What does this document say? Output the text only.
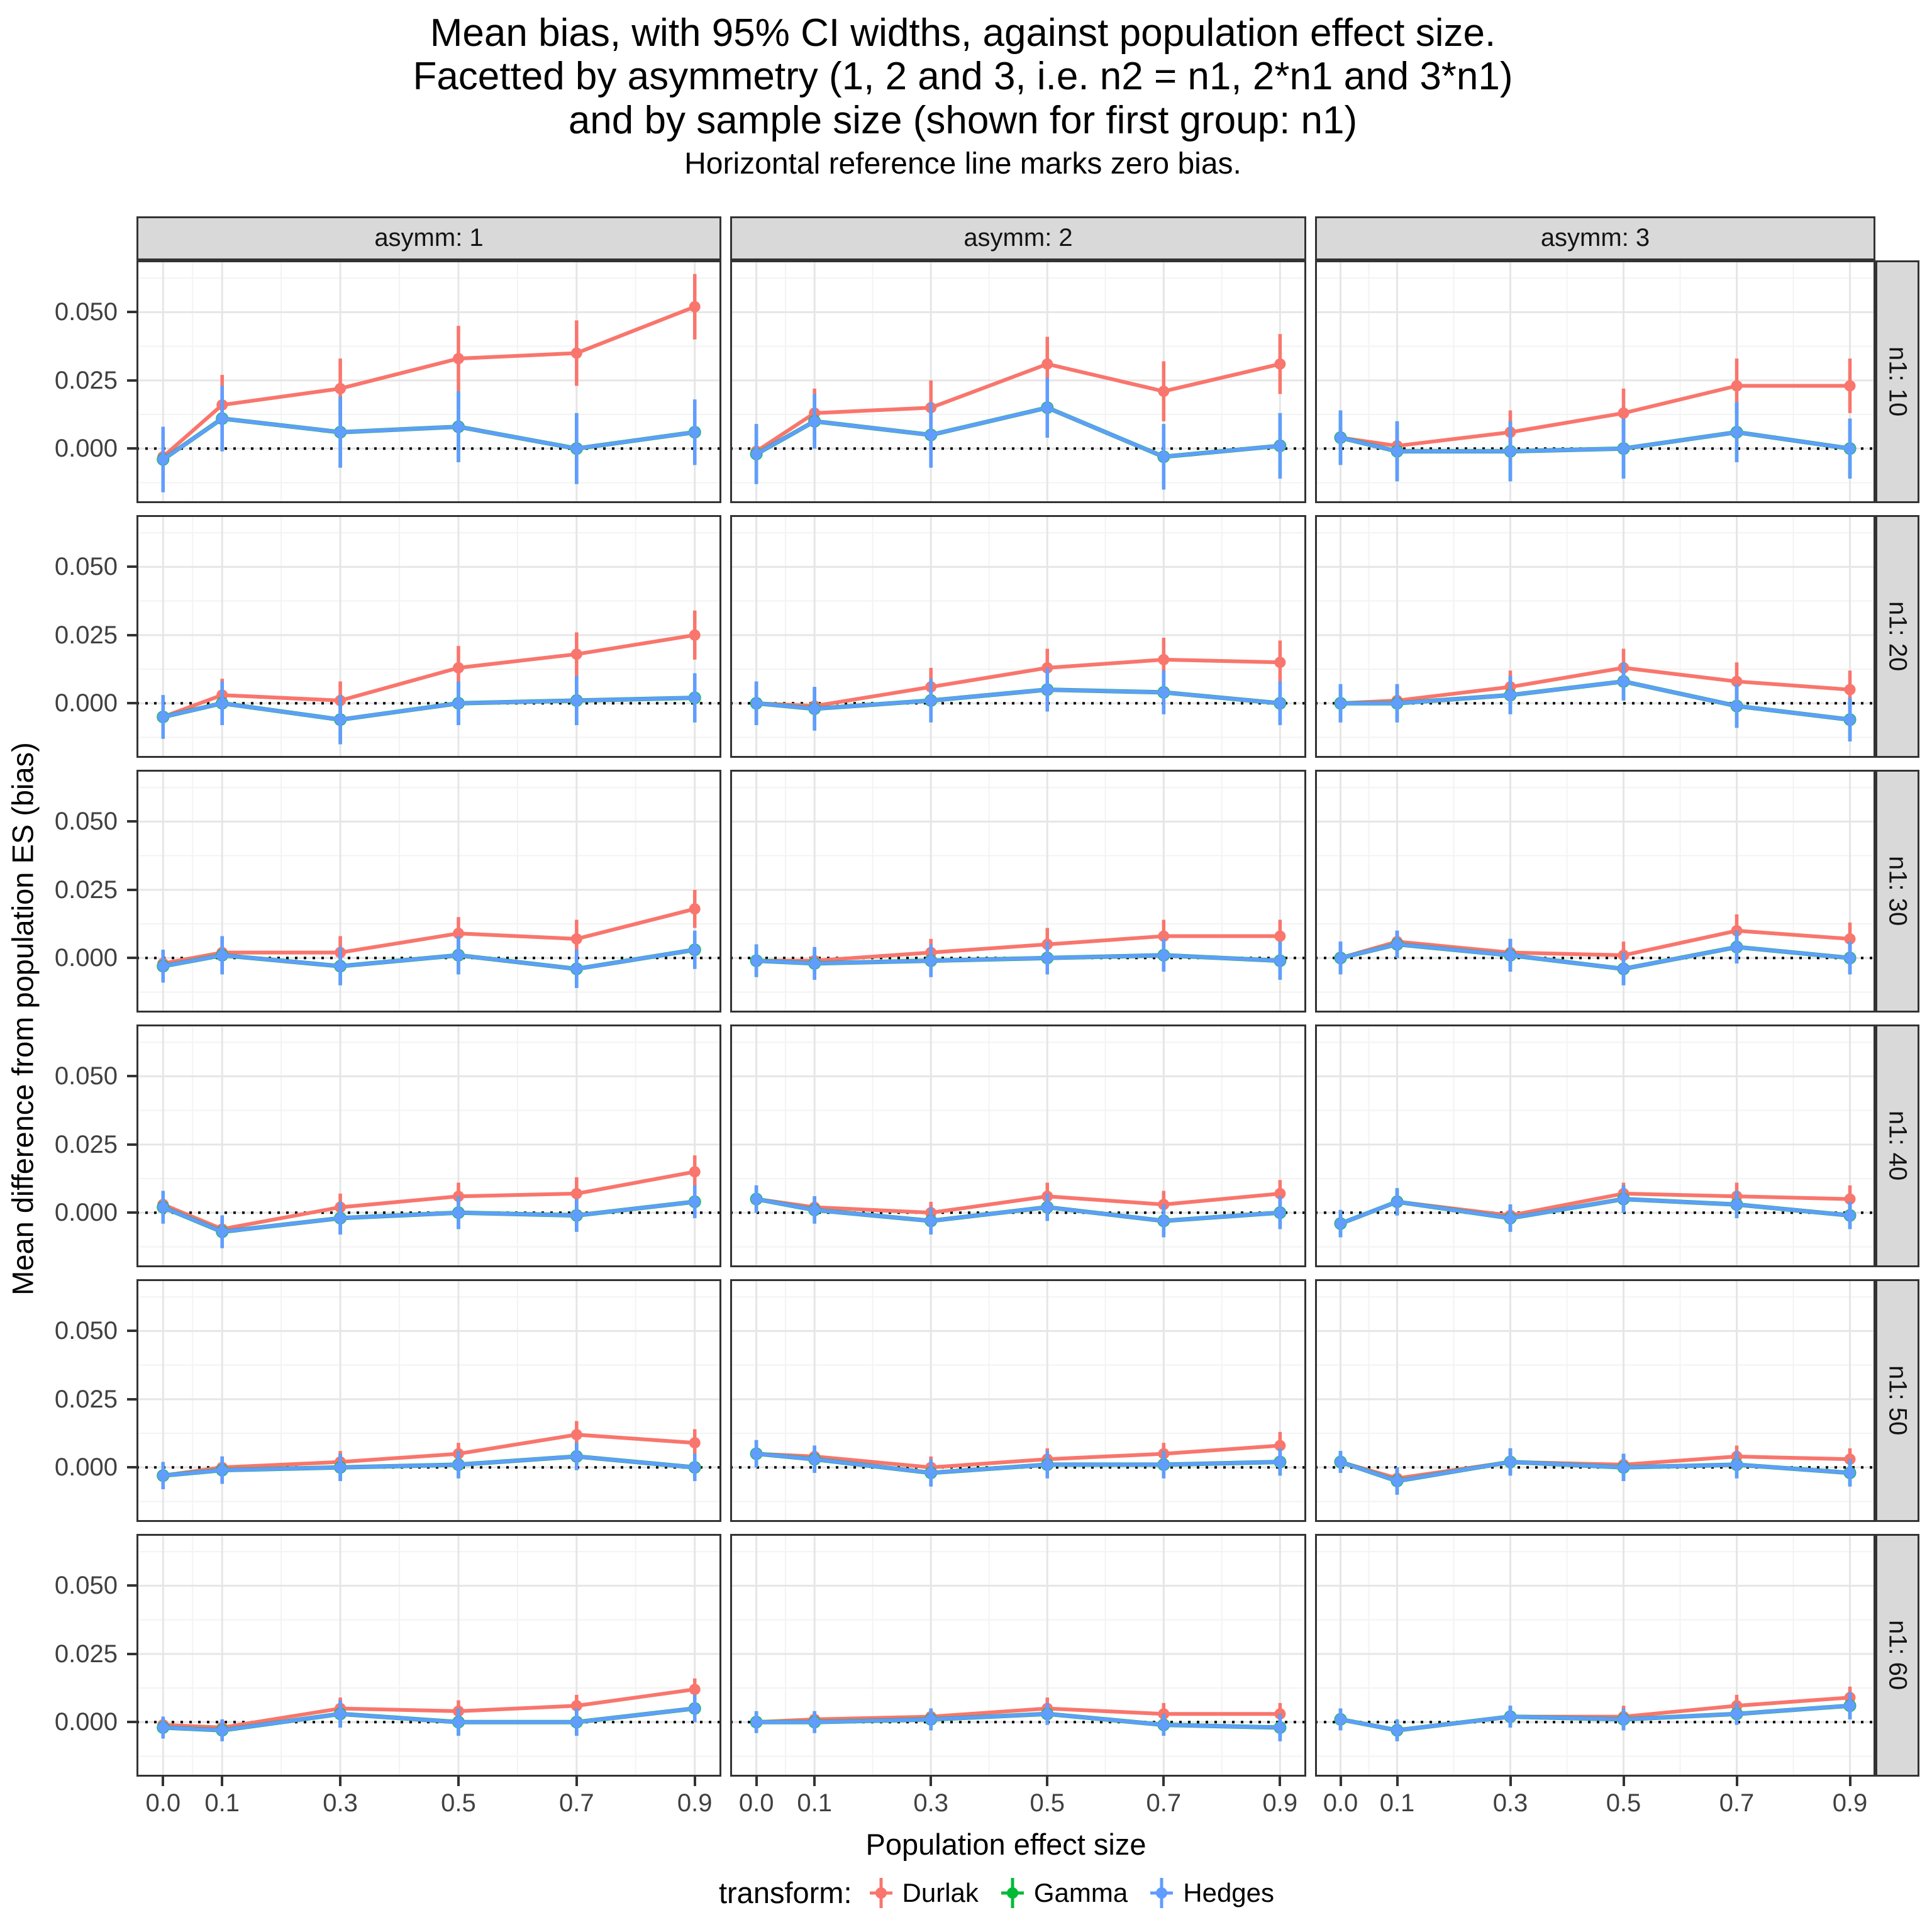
Mean bias, with 95% CI widths, against population effect size.
Facetted by asymmetry (1, 2 and 3, i.e. n2 = n1, 2*n1 and 3*n1)
and by sample size (shown for first group: n1)
Horizontal reference line marks zero bias.
Mean difference from population ES (bias)
asymm: 1	asymm: 2	asymm: 3
0.050
0.025
0.000
n1: 10
0.050
0.025
0.000
n1: 20
0.050
0.025
0.000
n1: 30
0.050
0.025
0.000
n1: 40
0.050
0.025
0.000
n1: 50
0.050
0.025
0.000
n1: 60
0.0 0.1	0.3	0.5	0.7	0.9	0.0 0.1	0.3	0.5	0.7	0.9	0.0 0.1	0.3	0.5	0.7	0.9
Population effect size
transform: Durlak Gamma Hedges
